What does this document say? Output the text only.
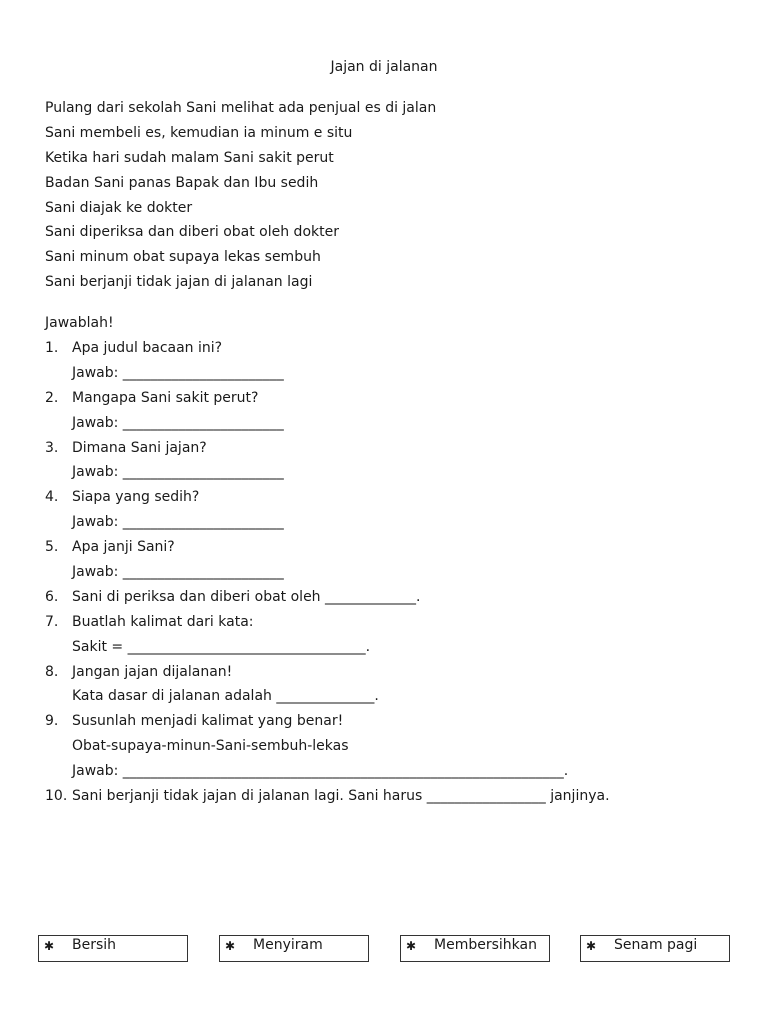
Jajan di jalanan
Pulang dari sekolah Sani melihat ada penjual es di jalan
Sani membeli es, kemudian ia minum e situ
Ketika hari sudah malam Sani sakit perut
Badan Sani panas Bapak dan Ibu sedih
Sani diajak ke dokter
Sani diperiksa dan diberi obat oleh dokter
Sani minum obat supaya lekas sembuh
Sani berjanji tidak jajan di jalanan lagi
Jawablah!
1. Apa judul bacaan ini?
Jawab: _______________________
2. Mangapa Sani sakit perut?
Jawab: _______________________
3. Dimana Sani jajan?
Jawab: _______________________
4. Siapa yang sedih?
Jawab: _______________________
5. Apa janji Sani?
Jawab: _______________________
6. Sani di periksa dan diberi obat oleh _____________.
7. Buatlah kalimat dari kata:
Sakit = __________________________________.
8. Jangan jajan dijalanan!
Kata dasar di jalanan adalah ______________.
9. Susunlah menjadi kalimat yang benar!
Obat-supaya-minun-Sani-sembuh-lekas
Jawab: _______________________________________________________________.
10. Sani berjanji tidak jajan di jalanan lagi. Sani harus _________________ janjinya.
✱ Bersih	✱ Menyiram	✱ Membersihkan	✱ Senam pagi
